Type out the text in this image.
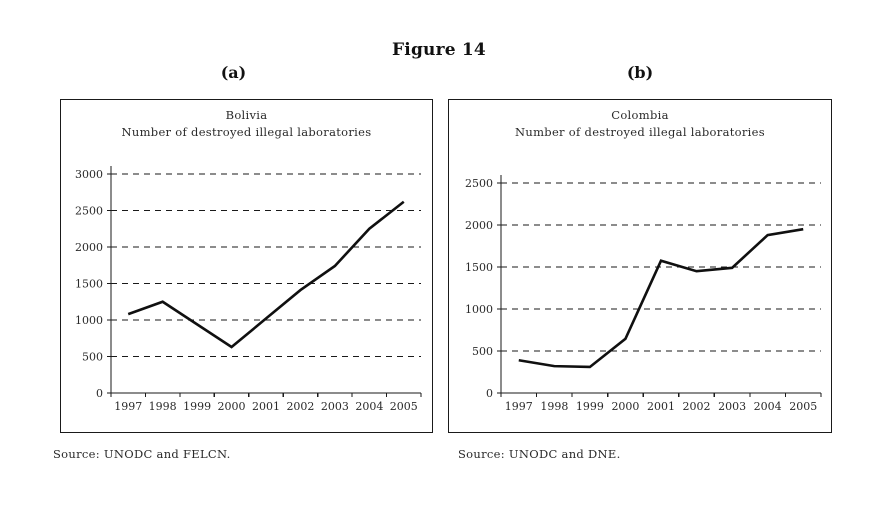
Figure 14
(a)	(b)
0
500
1000
1500
2000
2500
3000
1997 1998 1999 2000 2001 2002 2003 2004 2005
Bolivia
Number of destroyed illegal laboratories
0
500
1000
1500
2000
2500
1997 1998 1999 2000 2001 2002 2003 2004 2005
Colombia
Number of destroyed illegal laboratories
Source: UNODC and FELCN.	Source: UNODC and DNE.
